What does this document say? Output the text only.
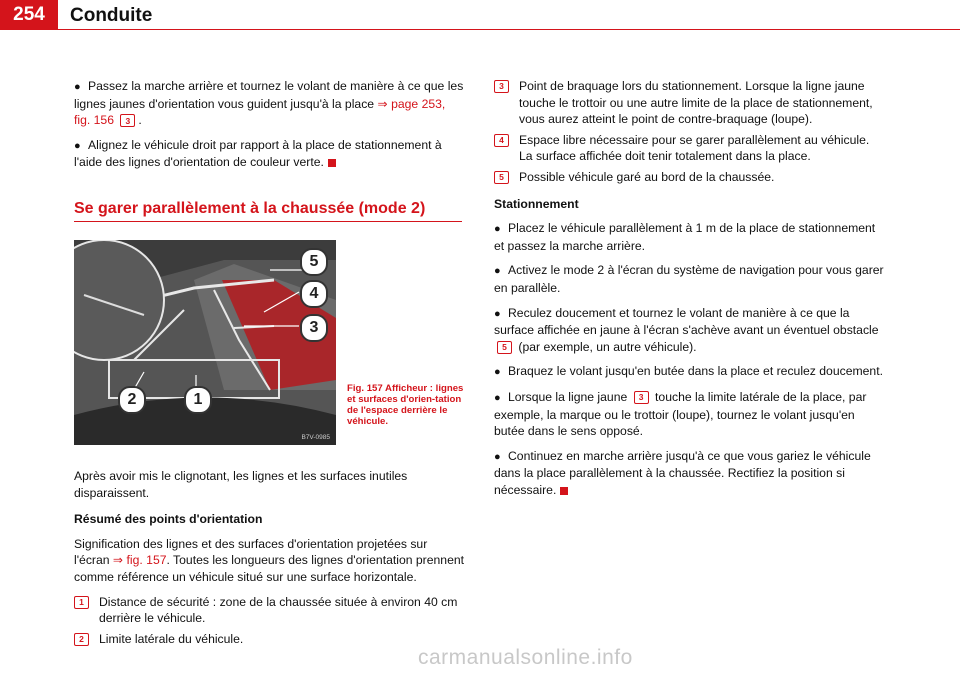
254	Conduite

● Passez la marche arrière et tournez le volant de manière à ce que les lignes jaunes d'orientation vous guident jusqu'à la place ⇒ page 253, fig. 156 3 .

● Alignez le véhicule droit par rapport à la place de stationnement à l'aide des lignes d'orientation de couleur verte.

Se garer parallèlement à la chaussée (mode 2)
5
4
3
2	1
B7V-0985
Fig. 157 Afficheur : lignes et surfaces d'orien-tation de l'espace derrière le véhicule.

Après avoir mis le clignotant, les lignes et les surfaces inutiles disparaissent.

Résumé des points d'orientation

Signification des lignes et des surfaces d'orientation projetées sur l'écran ⇒ fig. 157. Toutes les longueurs des lignes d'orientation prennent comme référence un véhicule situé sur une surface horizontale.

1	Distance de sécurité : zone de la chaussée située à environ 40 cm derrière le véhicule.
2	Limite latérale du véhicule.
3	Point de braquage lors du stationnement. Lorsque la ligne jaune touche le trottoir ou une autre limite de la place de stationnement, vous aurez atteint le point de contre-braquage (loupe).
4	Espace libre nécessaire pour se garer parallèlement au véhicule. La surface affichée doit tenir totalement dans la place.
5	Possible véhicule garé au bord de la chaussée.

Stationnement

● Placez le véhicule parallèlement à 1 m de la place de stationnement et passez la marche arrière.

● Activez le mode 2 à l'écran du système de navigation pour vous garer en parallèle.

● Reculez doucement et tournez le volant de manière à ce que la surface affichée en jaune à l'écran s'achève avant un éventuel obstacle 5 (par exemple, un autre véhicule).

● Braquez le volant jusqu'en butée dans la place et reculez doucement.

● Lorsque la ligne jaune 3 touche la limite latérale de la place, par exemple, la marque ou le trottoir (loupe), tournez le volant jusqu'en butée dans le sens opposé.

● Continuez en marche arrière jusqu'à ce que vous gariez le véhicule dans la place parallèlement à la chaussée. Rectifiez la position si nécessaire.

carmanualsonline.info
